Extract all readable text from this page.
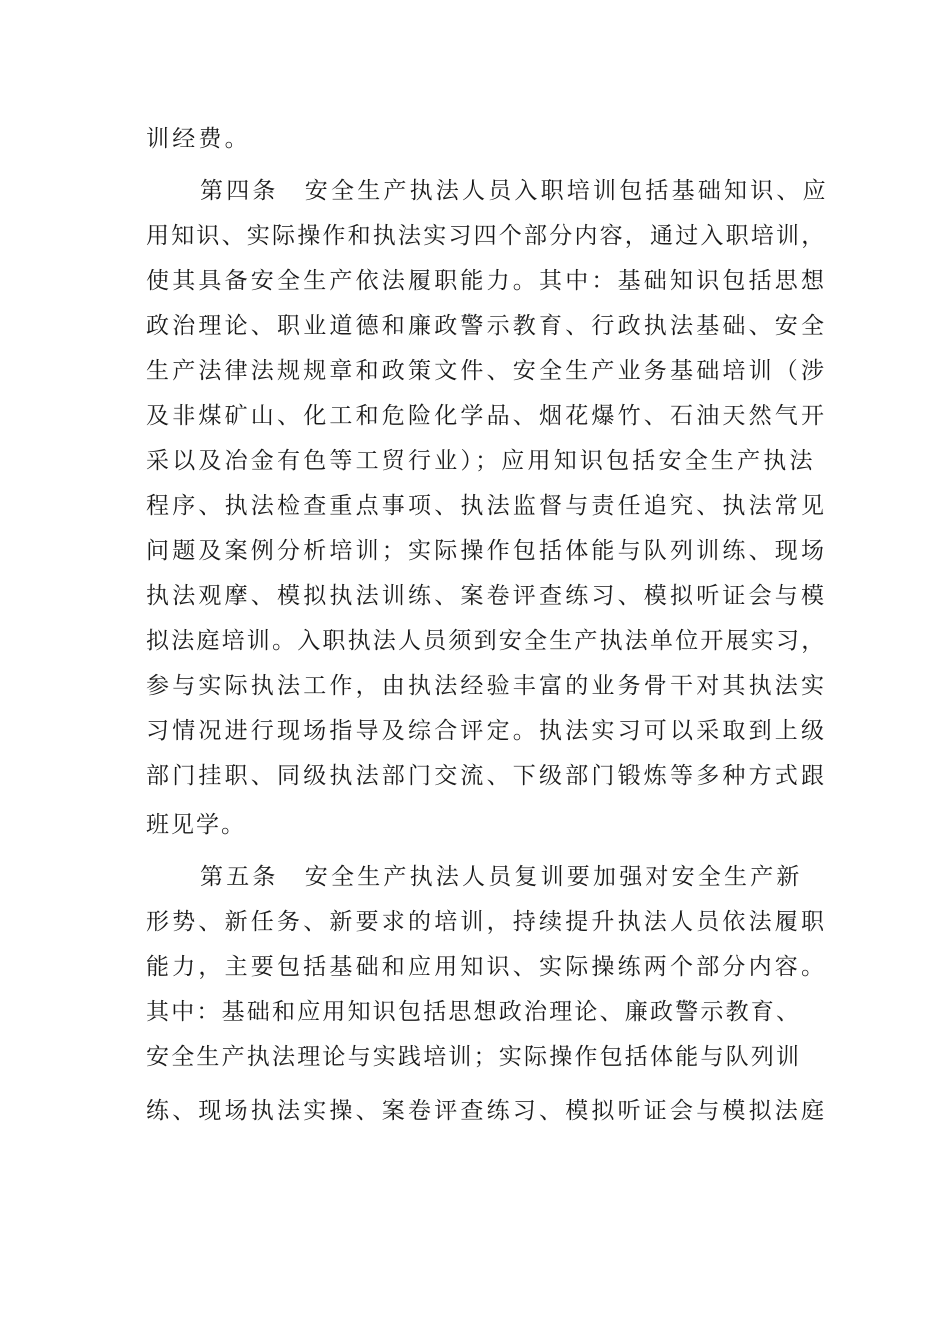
训经费。
第四条　安全生产执法人员入职培训包括基础知识、应
用知识、实际操作和执法实习四个部分内容，通过入职培训，
使其具备安全生产依法履职能力。其中：基础知识包括思想
政治理论、职业道德和廉政警示教育、行政执法基础、安全
生产法律法规规章和政策文件、安全生产业务基础培训（涉
及非煤矿山、化工和危险化学品、烟花爆竹、石油天然气开
采以及冶金有色等工贸行业）；应用知识包括安全生产执法
程序、执法检查重点事项、执法监督与责任追究、执法常见
问题及案例分析培训；实际操作包括体能与队列训练、现场
执法观摩、模拟执法训练、案卷评查练习、模拟听证会与模
拟法庭培训。入职执法人员须到安全生产执法单位开展实习，
参与实际执法工作，由执法经验丰富的业务骨干对其执法实
习情况进行现场指导及综合评定。执法实习可以采取到上级
部门挂职、同级执法部门交流、下级部门锻炼等多种方式跟
班见学。
第五条　安全生产执法人员复训要加强对安全生产新
形势、新任务、新要求的培训，持续提升执法人员依法履职
能力，主要包括基础和应用知识、实际操练两个部分内容。
其中：基础和应用知识包括思想政治理论、廉政警示教育、
安全生产执法理论与实践培训；实际操作包括体能与队列训
练、现场执法实操、案卷评查练习、模拟听证会与模拟法庭
